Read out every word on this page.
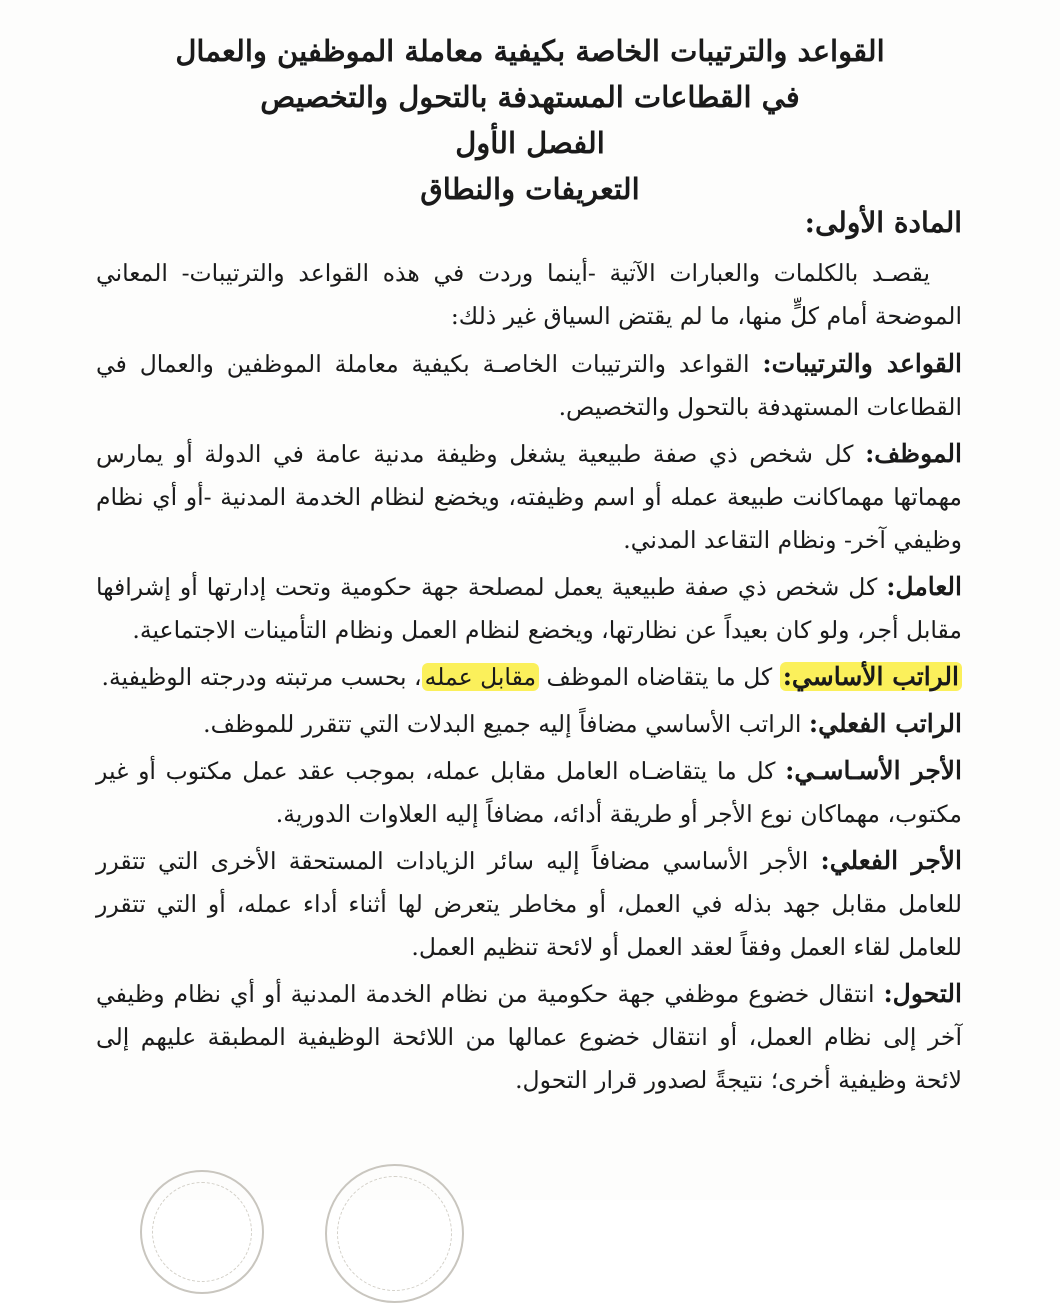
القواعد والترتيبات الخاصة بكيفية معاملة الموظفين والعمال
في القطاعات المستهدفة بالتحول والتخصيص
الفصل الأول
التعريفات والنطاق
المادة الأولى:

يقصـد بالكلمات والعبارات الآتية -أينما وردت في هذه القواعد والترتيبات- المعاني الموضحة أمام كلٍّ منها، ما لم يقتض السياق غير ذلك:

القواعد والترتيبات: القواعد والترتيبات الخاصـة بكيفية معاملة الموظفين والعمال في القطاعات المستهدفة بالتحول والتخصيص.

الموظف: كل شخص ذي صفة طبيعية يشغل وظيفة مدنية عامة في الدولة أو يمارس مهماتها مهماكانت طبيعة عمله أو اسم وظيفته، ويخضع لنظام الخدمة المدنية -أو أي نظام وظيفي آخر- ونظام التقاعد المدني.

العامل: كل شخص ذي صفة طبيعية يعمل لمصلحة جهة حكومية وتحت إدارتها أو إشرافها مقابل أجر، ولو كان بعيداً عن نظارتها، ويخضع لنظام العمل ونظام التأمينات الاجتماعية.

الراتب الأساسي: كل ما يتقاضاه الموظف مقابل عمله، بحسب مرتبته ودرجته الوظيفية.

الراتب الفعلي: الراتب الأساسي مضافاً إليه جميع البدلات التي تتقرر للموظف.

الأجر الأسـاسـي: كل ما يتقاضـاه العامل مقابل عمله، بموجب عقد عمل مكتوب أو غير مكتوب، مهماكان نوع الأجر أو طريقة أدائه، مضافاً إليه العلاوات الدورية.

الأجر الفعلي: الأجر الأساسي مضافاً إليه سائر الزيادات المستحقة الأخرى التي تتقرر للعامل مقابل جهد بذله في العمل، أو مخاطر يتعرض لها أثناء أداء عمله، أو التي تتقرر للعامل لقاء العمل وفقاً لعقد العمل أو لائحة تنظيم العمل.

التحول: انتقال خضوع موظفي جهة حكومية من نظام الخدمة المدنية أو أي نظام وظيفي آخر إلى نظام العمل، أو انتقال خضوع عمالها من اللائحة الوظيفية المطبقة عليهم إلى لائحة وظيفية أخرى؛ نتيجةً لصدور قرار التحول.
